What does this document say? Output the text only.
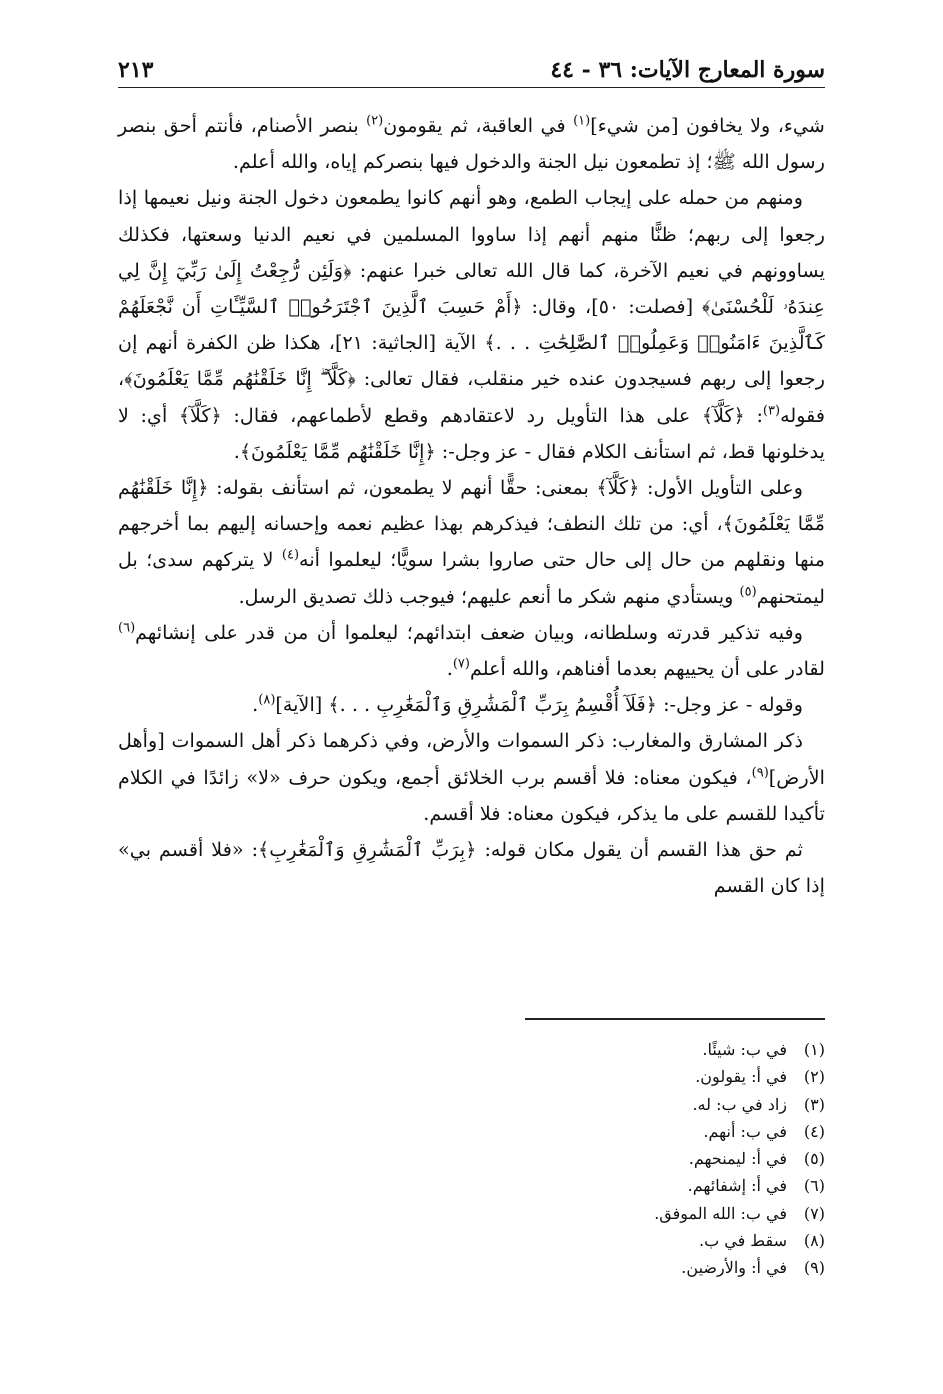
سورة المعارج الآيات: ٣٦ - ٤٤
٢١٣

شيء، ولا يخافون [من شيء]$^{(١)}$ في العاقبة، ثم يقومون$^{(٢)}$ بنصر الأصنام، فأنتم أحق بنصر رسول الله ﷺ؛ إذ تطمعون نيل الجنة والدخول فيها بنصركم إياه، والله أعلم.

ومنهم من حمله على إيجاب الطمع، وهو أنهم كانوا يطمعون دخول الجنة ونيل نعيمها إذا رجعوا إلى ربهم؛ ظنًّا منهم أنهم إذا ساووا المسلمين في نعيم الدنيا وسعتها، فكذلك يساوونهم في نعيم الآخرة، كما قال الله تعالى خبرا عنهم: ﴿وَلَئِن رُّجِعْتُ إِلَىٰ رَبِّيٓ إِنَّ لِي عِندَهُۥ لَلْحُسْنَىٰ﴾ [فصلت: ٥٠]، وقال: ﴿أَمْ حَسِبَ ٱلَّذِينَ ٱجْتَرَحُوا۟ ٱلسَّيِّـَٔاتِ أَن نَّجْعَلَهُمْ كَٱلَّذِينَ ءَامَنُوا۟ وَعَمِلُوا۟ ٱلصَّٰلِحَٰتِ . . .﴾ الآية [الجاثية: ٢١]، هكذا ظن الكفرة أنهم إن رجعوا إلى ربهم فسيجدون عنده خير منقلب، فقال تعالى: ﴿كَلَّآ ۖ إِنَّا خَلَقْنَٰهُم مِّمَّا يَعْلَمُونَ﴾، فقوله$^{(٣)}$: ﴿كَلَّآ﴾ على هذا التأويل رد لاعتقادهم وقطع لأطماعهم، فقال: ﴿كَلَّآ﴾ أي: لا يدخلونها قط، ثم استأنف الكلام فقال - عز وجل-: ﴿إِنَّا خَلَقْنَٰهُم مِّمَّا يَعْلَمُونَ﴾.

وعلى التأويل الأول: ﴿كَلَّآ﴾ بمعنى: حقًّا أنهم لا يطمعون، ثم استأنف بقوله: ﴿إِنَّا خَلَقْنَٰهُم مِّمَّا يَعْلَمُونَ﴾، أي: من تلك النطف؛ فيذكرهم بهذا عظيم نعمه وإحسانه إليهم بما أخرجهم منها ونقلهم من حال إلى حال حتى صاروا بشرا سويًّا؛ ليعلموا أنه$^{(٤)}$ لا يتركهم سدى؛ بل ليمتحنهم$^{(٥)}$ ويستأدي منهم شكر ما أنعم عليهم؛ فيوجب ذلك تصديق الرسل.

وفيه تذكير قدرته وسلطانه، وبيان ضعف ابتدائهم؛ ليعلموا أن من قدر على إنشائهم$^{(٦)}$ لقادر على أن يحييهم بعدما أفناهم، والله أعلم$^{(٧)}$.

وقوله - عز وجل-: ﴿فَلَآ أُقْسِمُ بِرَبِّ ٱلْمَشَٰرِقِ وَٱلْمَغَٰرِبِ . . .﴾ [الآية]$^{(٨)}$.

ذكر المشارق والمغارب: ذكر السموات والأرض، وفي ذكرهما ذكر أهل السموات [وأهل الأرض]$^{(٩)}$، فيكون معناه: فلا أقسم برب الخلائق أجمع، ويكون حرف «لا» زائدًا في الكلام تأكيدا للقسم على ما يذكر، فيكون معناه: فلا أقسم.

ثم حق هذا القسم أن يقول مكان قوله: ﴿بِرَبِّ ٱلْمَشَٰرِقِ وَٱلْمَغَٰرِبِ﴾: «فلا أقسم بي» إذا كان القسم

(١)
في ب: شيئًا.
(٢)
في أ: يقولون.
(٣)
زاد في ب: له.
(٤)
في ب: أنهم.
(٥)
في أ: ليمنحهم.
(٦)
في أ: إشفائهم.
(٧)
في ب: الله الموفق.
(٨)
سقط في ب.
(٩)
في أ: والأرضين.
